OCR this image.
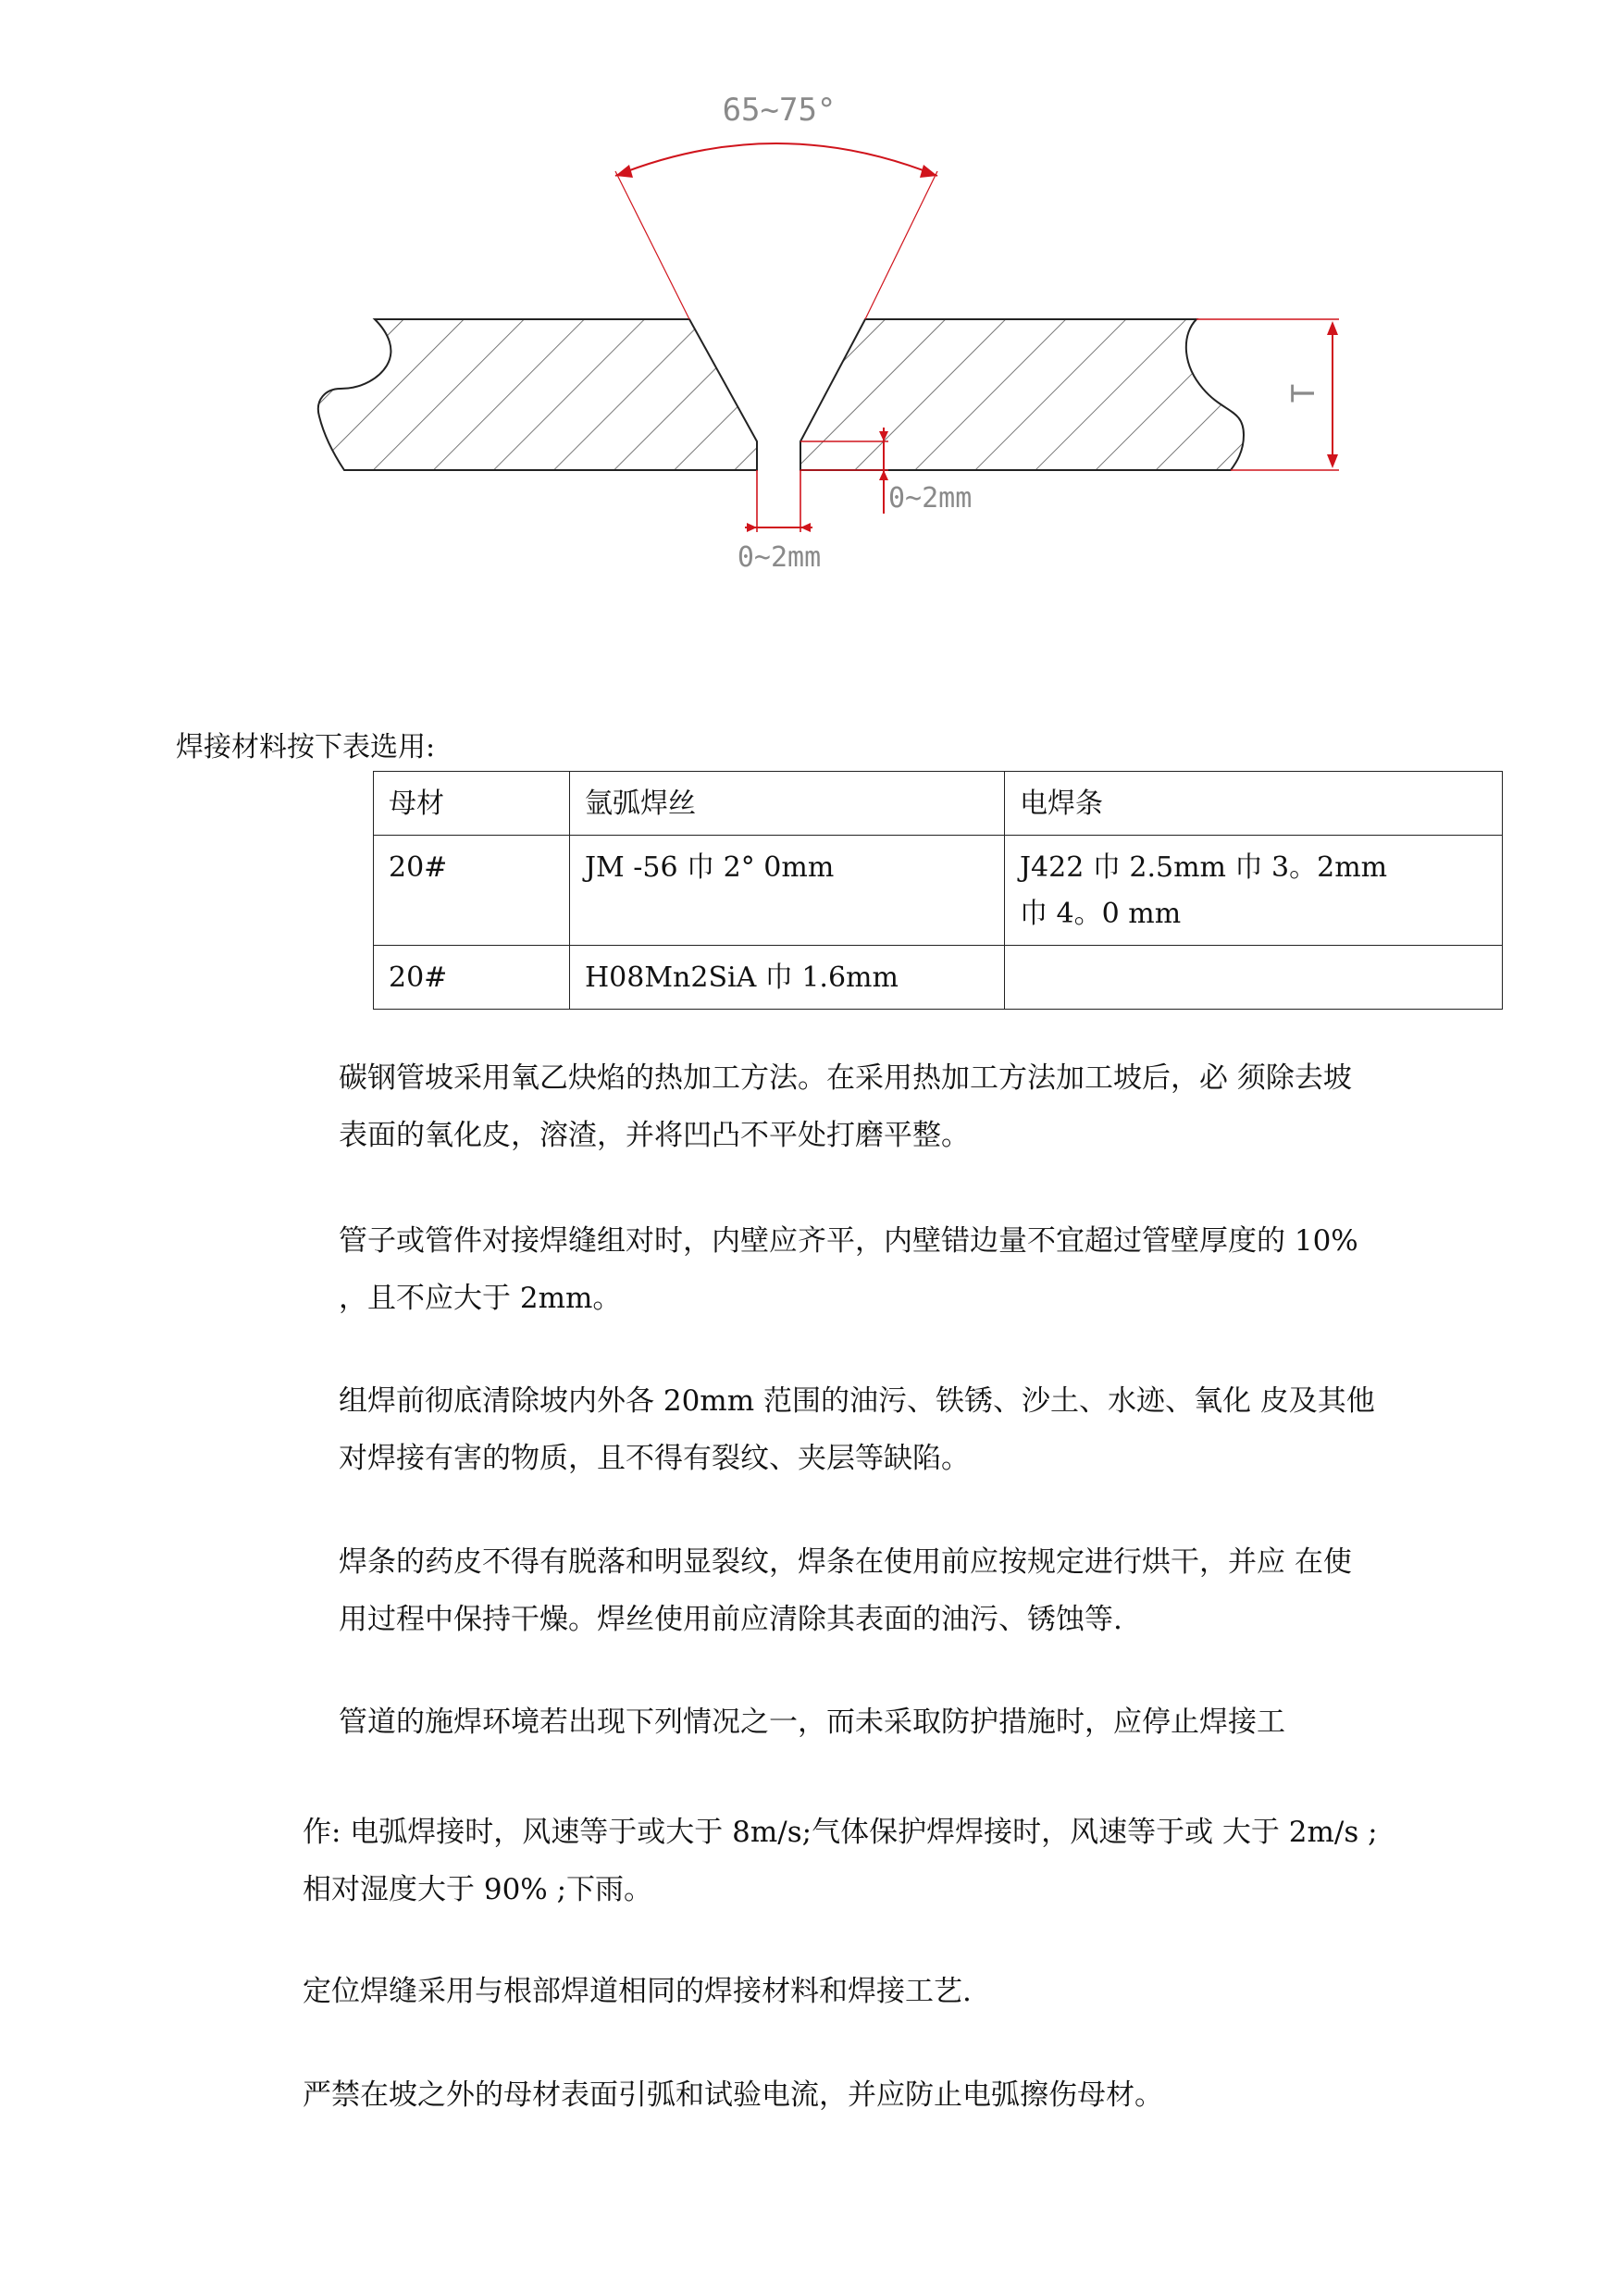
65~75°
T
0~2mm
0~2mm
焊接材料按下表选用:
母材	氩弧焊丝	电焊条
20#	JM -56 巾 2° 0mm	J422 巾 2.5mm 巾 3。2mm
巾 4。0 mm

20#	H08Mn2SiA 巾 1.6mm	
碳钢管坡采用氧乙炔焰的热加工方法。在采用热加工方法加工坡后，必 须除去坡
表面的氧化皮，溶渣，并将凹凸不平处打磨平整。
管子或管件对接焊缝组对时，内壁应齐平，内壁错边量不宜超过管壁厚度的 10%
，且不应大于 2mm。
组焊前彻底清除坡内外各 20mm 范围的油污、铁锈、沙土、水迹、氧化 皮及其他
对焊接有害的物质，且不得有裂纹、夹层等缺陷。
焊条的药皮不得有脱落和明显裂纹，焊条在使用前应按规定进行烘干，并应 在使
用过程中保持干燥。焊丝使用前应清除其表面的油污、锈蚀等.
管道的施焊环境若出现下列情况之一，而未采取防护措施时，应停止焊接工
作: 电弧焊接时，风速等于或大于 8m/s;气体保护焊焊接时，风速等于或 大于 2m/s ;
相对湿度大于 90% ;下雨。
定位焊缝采用与根部焊道相同的焊接材料和焊接工艺.
严禁在坡之外的母材表面引弧和试验电流，并应防止电弧擦伤母材。
